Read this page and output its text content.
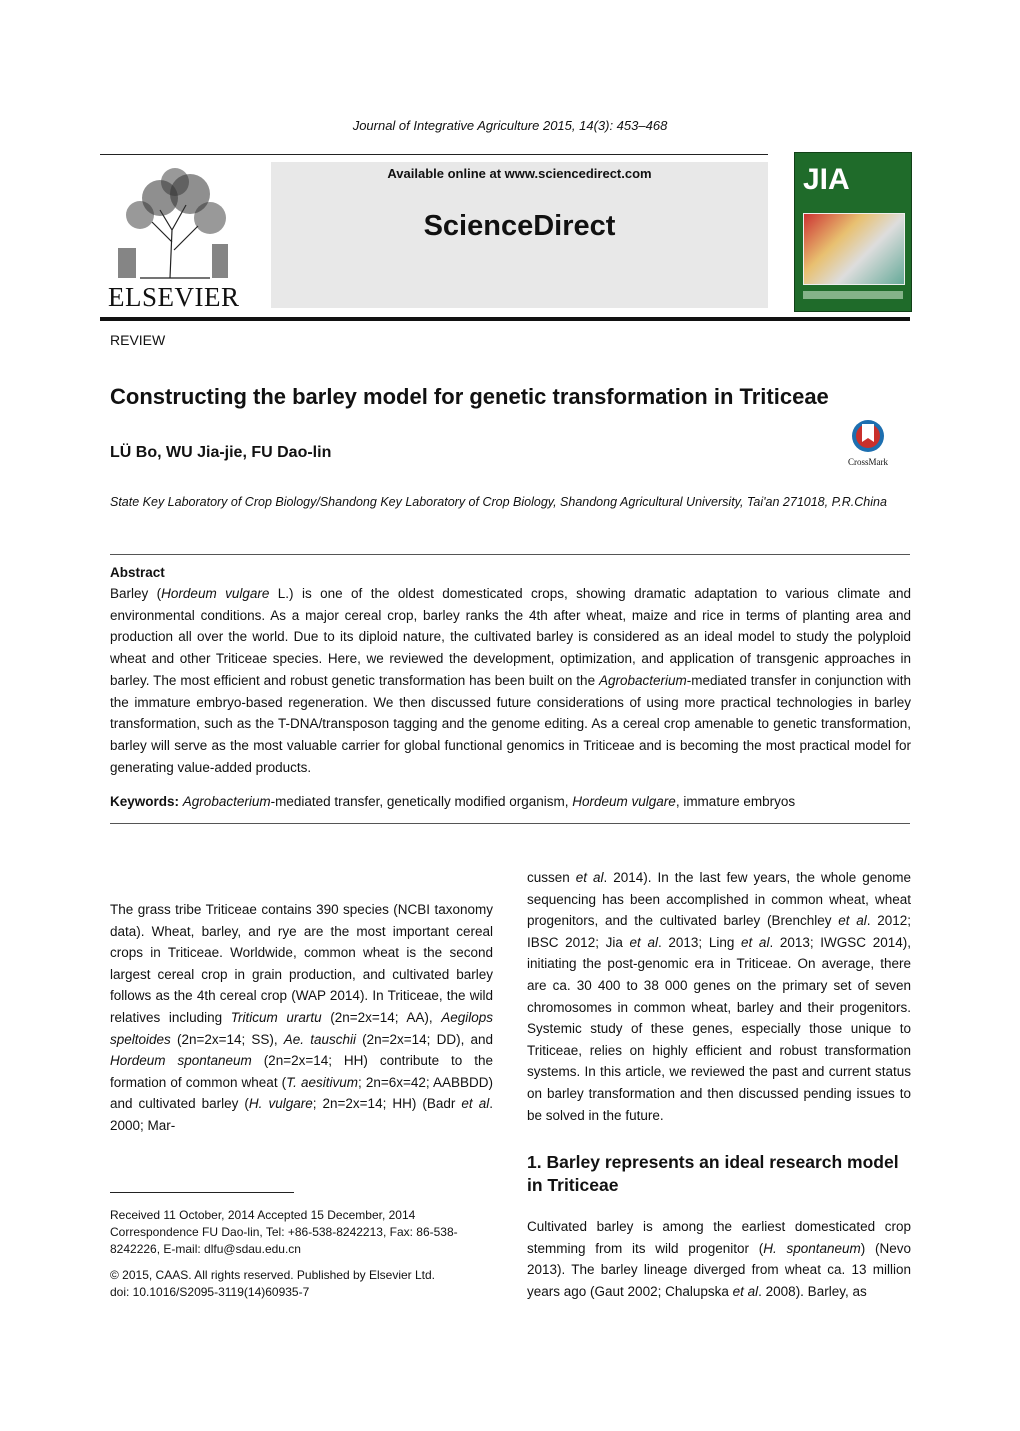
Journal of Integrative Agriculture 2015, 14(3): 453–468
ELSEVIER
Available online at www.sciencedirect.com
ScienceDirect
JIA
REVIEW
Constructing the barley model for genetic transformation in Triticeae
LÜ Bo, WU Jia-jie, FU Dao-lin
CrossMark
State Key Laboratory of Crop Biology/Shandong Key Laboratory of Crop Biology, Shandong Agricultural University, Tai'an 271018, P.R.China
Abstract
Barley (Hordeum vulgare L.) is one of the oldest domesticated crops, showing dramatic adaptation to various climate and environmental conditions. As a major cereal crop, barley ranks the 4th after wheat, maize and rice in terms of planting area and production all over the world. Due to its diploid nature, the cultivated barley is considered as an ideal model to study the polyploid wheat and other Triticeae species. Here, we reviewed the development, optimization, and application of transgenic approaches in barley. The most efficient and robust genetic transformation has been built on the Agrobacterium-mediated transfer in conjunction with the immature embryo-based regeneration. We then discussed future considerations of using more practical technologies in barley transformation, such as the T-DNA/transposon tagging and the genome editing. As a cereal crop amenable to genetic transformation, barley will serve as the most valuable carrier for global functional genomics in Triticeae and is becoming the most practical model for generating value-added products.
Keywords: Agrobacterium-mediated transfer, genetically modified organism, Hordeum vulgare, immature embryos
The grass tribe Triticeae contains 390 species (NCBI taxonomy data). Wheat, barley, and rye are the most important cereal crops in Triticeae. Worldwide, common wheat is the second largest cereal crop in grain production, and cultivated barley follows as the 4th cereal crop (WAP 2014). In Triticeae, the wild relatives including Triticum urartu (2n=2x=14; AA), Aegilops speltoides (2n=2x=14; SS), Ae. tauschii (2n=2x=14; DD), and Hordeum spontaneum (2n=2x=14; HH) contribute to the formation of common wheat (T. aesitivum; 2n=6x=42; AABBDD) and cultivated barley (H. vulgare; 2n=2x=14; HH) (Badr et al. 2000; Mar-
cussen et al. 2014). In the last few years, the whole genome sequencing has been accomplished in common wheat, wheat progenitors, and the cultivated barley (Brenchley et al. 2012; IBSC 2012; Jia et al. 2013; Ling et al. 2013; IWGSC 2014), initiating the post-genomic era in Triticeae. On average, there are ca. 30 400 to 38 000 genes on the primary set of seven chromosomes in common wheat, barley and their progenitors. Systemic study of these genes, especially those unique to Triticeae, relies on highly efficient and robust transformation systems. In this article, we reviewed the past and current status on barley transformation and then discussed pending issues to be solved in the future.
1. Barley represents an ideal research model in Triticeae
Cultivated barley is among the earliest domesticated crop stemming from its wild progenitor (H. spontaneum) (Nevo 2013). The barley lineage diverged from wheat ca. 13 million years ago (Gaut 2002; Chalupska et al. 2008). Barley, as
Received 11 October, 2014 Accepted 15 December, 2014
Correspondence FU Dao-lin, Tel: +86-538-8242213, Fax: 86-538-8242226, E-mail: dlfu@sdau.edu.cn
© 2015, CAAS. All rights reserved. Published by Elsevier Ltd.
doi: 10.1016/S2095-3119(14)60935-7
